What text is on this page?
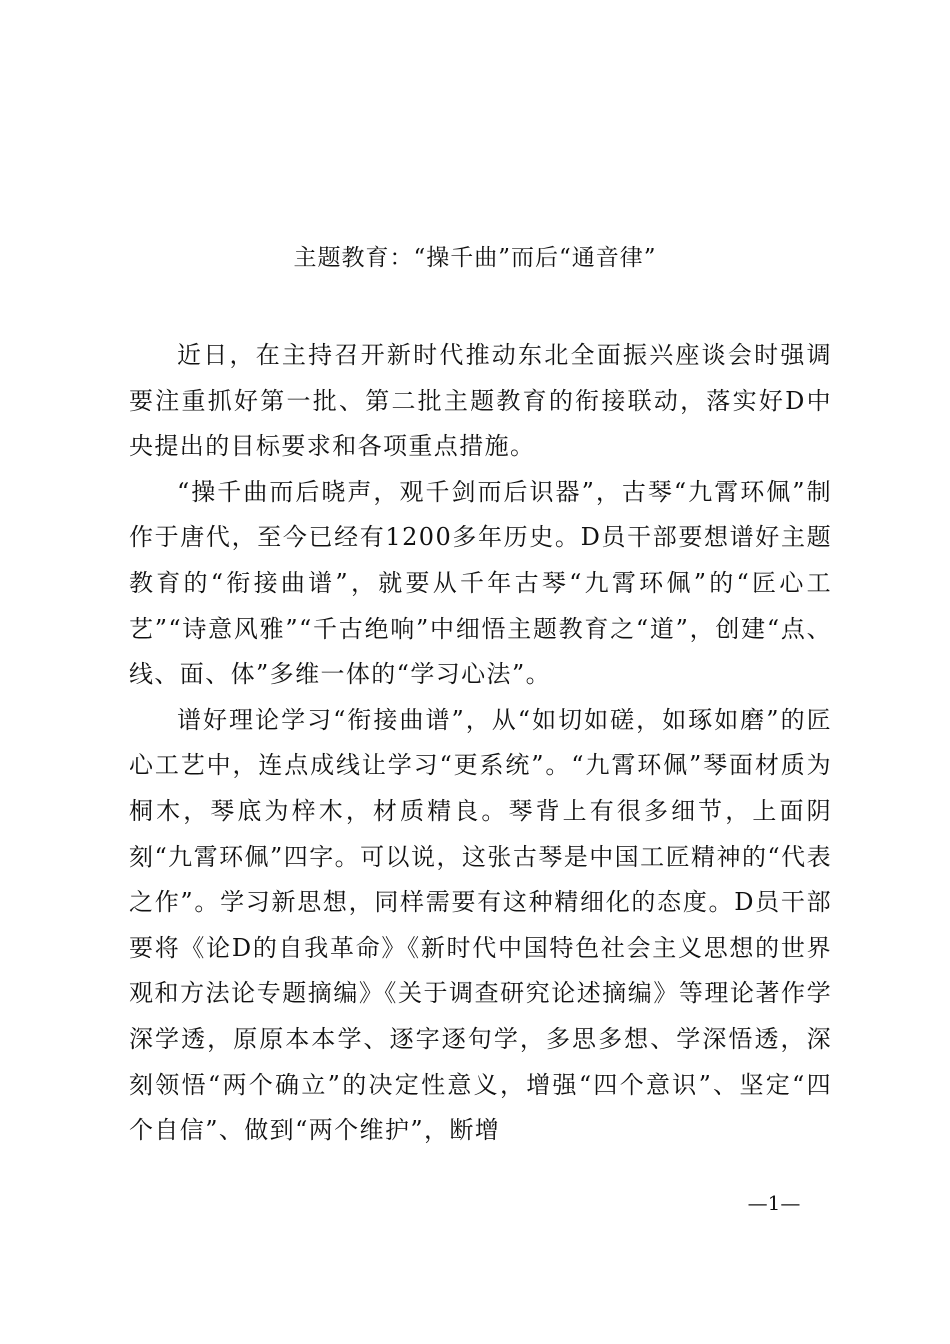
主题教育：“操千曲”而后“通音律”

近日，在主持召开新时代推动东北全面振兴座谈会时强调要注重抓好第一批、第二批主题教育的衔接联动，落实好D中央提出的目标要求和各项重点措施。

“操千曲而后晓声，观千剑而后识器”，古琴“九霄环佩”制作于唐代，至今已经有1200多年历史。D员干部要想谱好主题教育的“衔接曲谱”，就要从千年古琴“九霄环佩”的“匠心工艺”“诗意风雅”“千古绝响”中细悟主题教育之“道”，创建“点、线、面、体”多维一体的“学习心法”。

谱好理论学习“衔接曲谱”，从“如切如磋，如琢如磨”的匠心工艺中，连点成线让学习“更系统”。“九霄环佩”琴面材质为桐木，琴底为梓木，材质精良。琴背上有很多细节，上面阴刻“九霄环佩”四字。可以说，这张古琴是中国工匠精神的“代表之作”。学习新思想，同样需要有这种精细化的态度。D员干部要将《论D的自我革命》《新时代中国特色社会主义思想的世界观和方法论专题摘编》《关于调查研究论述摘编》等理论著作学深学透，原原本本学、逐字逐句学，多思多想、学深悟透，深刻领悟“两个确立”的决定性意义，增强“四个意识”、坚定“四个自信”、做到“两个维护”，断增

—1—
